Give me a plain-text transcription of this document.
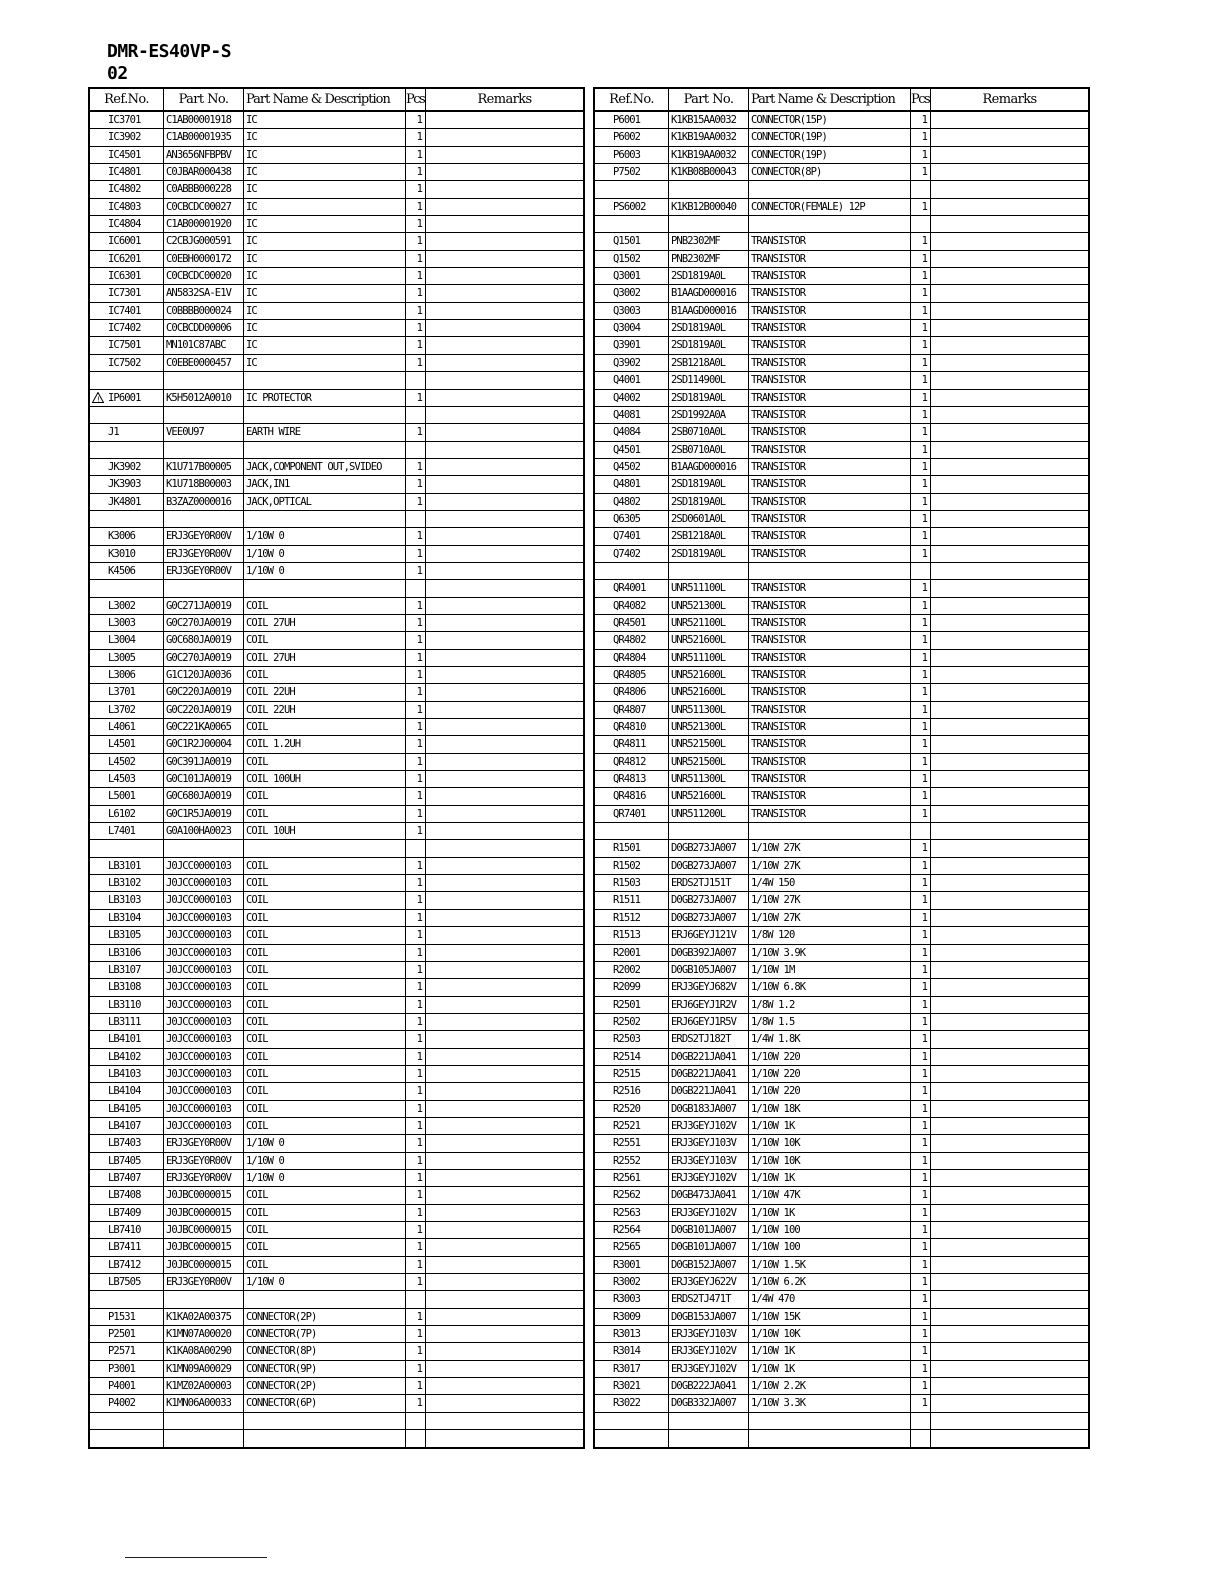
DMR-ES40VP-S
02
Ref.No.	Part No.	Part Name & Description	Pcs	Remarks
IC3701	C1AB00001918	IC	1
IC3902	C1AB00001935	IC	1
IC4501	AN3656NFBPBV	IC	1
IC4801	C0JBAR000438	IC	1
IC4802	C0ABBB000228	IC	1
IC4803	C0CBCDC00027	IC	1
IC4804	C1AB00001920	IC	1
IC6001	C2CBJG000591	IC	1
IC6201	C0EBH0000172	IC	1
IC6301	C0CBCDC00020	IC	1
IC7301	AN5832SA-E1V	IC	1
IC7401	C0BBBB000024	IC	1
IC7402	C0CBCDD00006	IC	1
IC7501	MN101C87ABC	IC	1
IC7502	C0EBE0000457	IC	1
! IP6001	K5H5012A0010	IC PROTECTOR	1
J1	VEE0U97	EARTH WIRE	1
JK3902	K1U717B00005	JACK,COMPONENT OUT,SVIDEO	1
JK3903	K1U718B00003	JACK,IN1	1
JK4801	B3ZAZ0000016	JACK,OPTICAL	1
K3006	ERJ3GEY0R00V	1/10W 0	1
K3010	ERJ3GEY0R00V	1/10W 0	1
K4506	ERJ3GEY0R00V	1/10W 0	1
L3002	G0C271JA0019	COIL	1
L3003	G0C270JA0019	COIL 27UH	1
L3004	G0C680JA0019	COIL	1
L3005	G0C270JA0019	COIL 27UH	1
L3006	G1C120JA0036	COIL	1
L3701	G0C220JA0019	COIL 22UH	1
L3702	G0C220JA0019	COIL 22UH	1
L4061	G0C221KA0065	COIL	1
L4501	G0C1R2J00004	COIL 1.2UH	1
L4502	G0C391JA0019	COIL	1
L4503	G0C101JA0019	COIL 100UH	1
L5001	G0C680JA0019	COIL	1
L6102	G0C1R5JA0019	COIL	1
L7401	G0A100HA0023	COIL 10UH	1
LB3101	J0JCC0000103	COIL	1
LB3102	J0JCC0000103	COIL	1
LB3103	J0JCC0000103	COIL	1
LB3104	J0JCC0000103	COIL	1
LB3105	J0JCC0000103	COIL	1
LB3106	J0JCC0000103	COIL	1
LB3107	J0JCC0000103	COIL	1
LB3108	J0JCC0000103	COIL	1
LB3110	J0JCC0000103	COIL	1
LB3111	J0JCC0000103	COIL	1
LB4101	J0JCC0000103	COIL	1
LB4102	J0JCC0000103	COIL	1
LB4103	J0JCC0000103	COIL	1
LB4104	J0JCC0000103	COIL	1
LB4105	J0JCC0000103	COIL	1
LB4107	J0JCC0000103	COIL	1
LB7403	ERJ3GEY0R00V	1/10W 0	1
LB7405	ERJ3GEY0R00V	1/10W 0	1
LB7407	ERJ3GEY0R00V	1/10W 0	1
LB7408	J0JBC0000015	COIL	1
LB7409	J0JBC0000015	COIL	1
LB7410	J0JBC0000015	COIL	1
LB7411	J0JBC0000015	COIL	1
LB7412	J0JBC0000015	COIL	1
LB7505	ERJ3GEY0R00V	1/10W 0	1
P1531	K1KA02A00375	CONNECTOR(2P)	1
P2501	K1MN07A00020	CONNECTOR(7P)	1
P2571	K1KA08A00290	CONNECTOR(8P)	1
P3001	K1MN09A00029	CONNECTOR(9P)	1
P4001	K1MZ02A00003	CONNECTOR(2P)	1
P4002	K1MN06A00033	CONNECTOR(6P)	1
Ref.No.	Part No.	Part Name & Description	Pcs	Remarks
P6001	K1KB15AA0032	CONNECTOR(15P)	1
P6002	K1KB19AA0032	CONNECTOR(19P)	1
P6003	K1KB19AA0032	CONNECTOR(19P)	1
P7502	K1KB08B00043	CONNECTOR(8P)	1
PS6002	K1KB12B00040	CONNECTOR(FEMALE) 12P	1
Q1501	PNB2302MF	TRANSISTOR	1
Q1502	PNB2302MF	TRANSISTOR	1
Q3001	2SD1819A0L	TRANSISTOR	1
Q3002	B1AAGD000016	TRANSISTOR	1
Q3003	B1AAGD000016	TRANSISTOR	1
Q3004	2SD1819A0L	TRANSISTOR	1
Q3901	2SD1819A0L	TRANSISTOR	1
Q3902	2SB1218A0L	TRANSISTOR	1
Q4001	2SD114900L	TRANSISTOR	1
Q4002	2SD1819A0L	TRANSISTOR	1
Q4081	2SD1992A0A	TRANSISTOR	1
Q4084	2SB0710A0L	TRANSISTOR	1
Q4501	2SB0710A0L	TRANSISTOR	1
Q4502	B1AAGD000016	TRANSISTOR	1
Q4801	2SD1819A0L	TRANSISTOR	1
Q4802	2SD1819A0L	TRANSISTOR	1
Q6305	2SD0601A0L	TRANSISTOR	1
Q7401	2SB1218A0L	TRANSISTOR	1
Q7402	2SD1819A0L	TRANSISTOR	1
QR4001	UNR511100L	TRANSISTOR	1
QR4082	UNR521300L	TRANSISTOR	1
QR4501	UNR521100L	TRANSISTOR	1
QR4802	UNR521600L	TRANSISTOR	1
QR4804	UNR511100L	TRANSISTOR	1
QR4805	UNR521600L	TRANSISTOR	1
QR4806	UNR521600L	TRANSISTOR	1
QR4807	UNR511300L	TRANSISTOR	1
QR4810	UNR521300L	TRANSISTOR	1
QR4811	UNR521500L	TRANSISTOR	1
QR4812	UNR521500L	TRANSISTOR	1
QR4813	UNR511300L	TRANSISTOR	1
QR4816	UNR521600L	TRANSISTOR	1
QR7401	UNR511200L	TRANSISTOR	1
R1501	D0GB273JA007	1/10W 27K	1
R1502	D0GB273JA007	1/10W 27K	1
R1503	ERDS2TJ151T	1/4W 150	1
R1511	D0GB273JA007	1/10W 27K	1
R1512	D0GB273JA007	1/10W 27K	1
R1513	ERJ6GEYJ121V	1/8W 120	1
R2001	D0GB392JA007	1/10W 3.9K	1
R2002	D0GB105JA007	1/10W 1M	1
R2099	ERJ3GEYJ682V	1/10W 6.8K	1
R2501	ERJ6GEYJ1R2V	1/8W 1.2	1
R2502	ERJ6GEYJ1R5V	1/8W 1.5	1
R2503	ERDS2TJ182T	1/4W 1.8K	1
R2514	D0GB221JA041	1/10W 220	1
R2515	D0GB221JA041	1/10W 220	1
R2516	D0GB221JA041	1/10W 220	1
R2520	D0GB183JA007	1/10W 18K	1
R2521	ERJ3GEYJ102V	1/10W 1K	1
R2551	ERJ3GEYJ103V	1/10W 10K	1
R2552	ERJ3GEYJ103V	1/10W 10K	1
R2561	ERJ3GEYJ102V	1/10W 1K	1
R2562	D0GB473JA041	1/10W 47K	1
R2563	ERJ3GEYJ102V	1/10W 1K	1
R2564	D0GB101JA007	1/10W 100	1
R2565	D0GB101JA007	1/10W 100	1
R3001	D0GB152JA007	1/10W 1.5K	1
R3002	ERJ3GEYJ622V	1/10W 6.2K	1
R3003	ERDS2TJ471T	1/4W 470	1
R3009	D0GB153JA007	1/10W 15K	1
R3013	ERJ3GEYJ103V	1/10W 10K	1
R3014	ERJ3GEYJ102V	1/10W 1K	1
R3017	ERJ3GEYJ102V	1/10W 1K	1
R3021	D0GB222JA041	1/10W 2.2K	1
R3022	D0GB332JA007	1/10W 3.3K	1
